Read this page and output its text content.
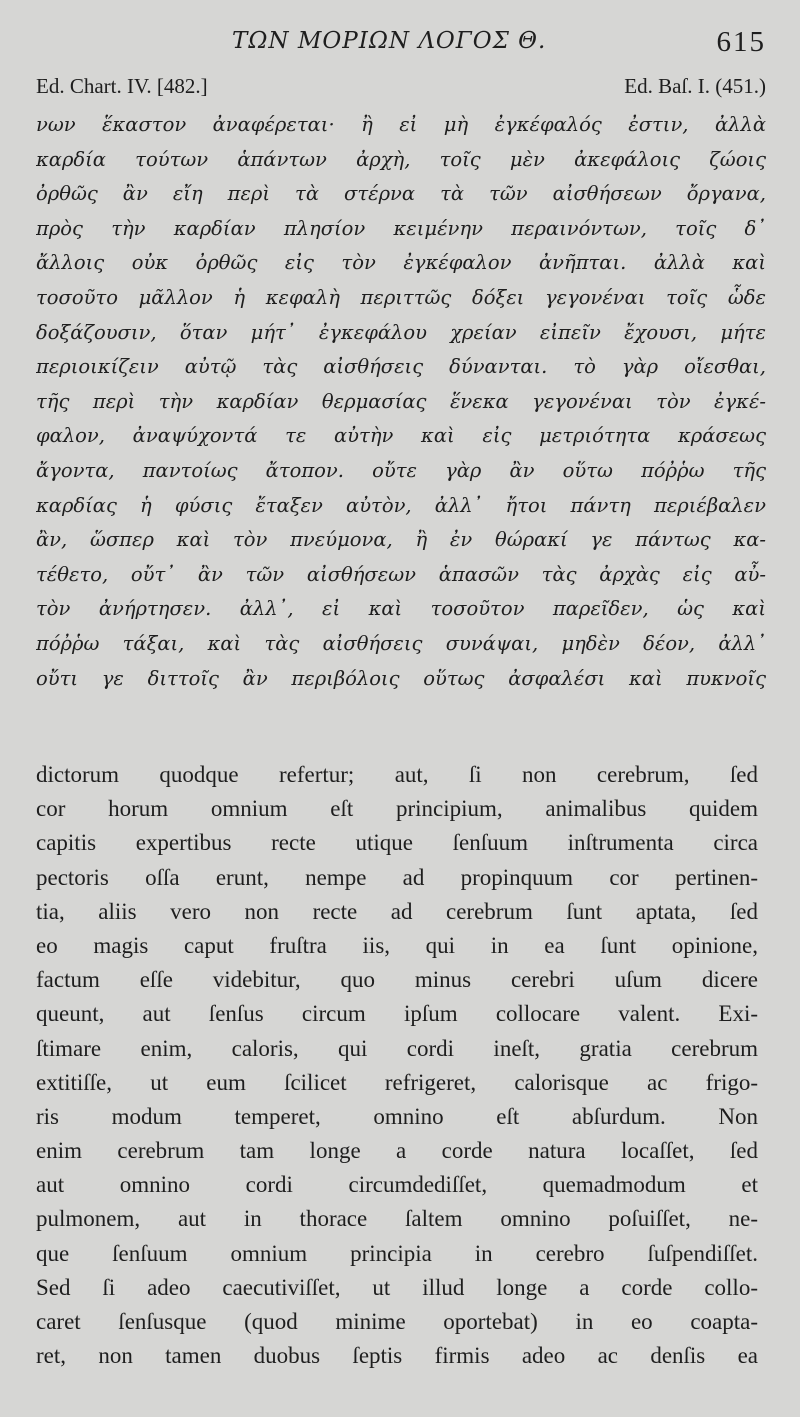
ΤΩΝ ΜΟΡΙΩΝ ΛΟΓΟΣ Θ.	615
Ed. Chart. IV. [482.]	Ed. Baſ. I. (451.)
νων ἕκαστον ἀναφέρεται· ἢ εἰ μὴ ἐγκέφαλός ἐστιν, ἀλλὰ
καρδία τούτων ἁπάντων ἀρχὴ, τοῖς μὲν ἀκεφάλοις ζώοις
ὀρθῶς ἂν εἴη περὶ τὰ στέρνα τὰ τῶν αἰσθήσεων ὄργανα,
πρὸς τὴν καρδίαν πλησίον κειμένην περαινόντων, τοῖς δ᾽
ἄλλοις οὐκ ὀρθῶς εἰς τὸν ἐγκέφαλον ἀνῆπται. ἀλλὰ καὶ
τοσοῦτο μᾶλλον ἡ κεφαλὴ περιττῶς δόξει γεγονέναι τοῖς ὧδε
δοξάζουσιν, ὅταν μήτ᾽ ἐγκεφάλου χρείαν εἰπεῖν ἔχουσι, μήτε
περιοικίζειν αὐτῷ τὰς αἰσθήσεις δύνανται. τὸ γὰρ οἴεσθαι,
τῆς περὶ τὴν καρδίαν θερμασίας ἕνεκα γεγονέναι τὸν ἐγκέ-
φαλον, ἀναψύχοντά τε αὐτὴν καὶ εἰς μετριότητα κράσεως
ἄγοντα, παντοίως ἄτοπον. οὔτε γὰρ ἂν οὕτω πόῤῥω τῆς
καρδίας ἡ φύσις ἔταξεν αὐτὸν, ἀλλ᾽ ἤτοι πάντη περιέβαλεν
ἂν, ὥσπερ καὶ τὸν πνεύμονα, ἢ ἐν θώρακί γε πάντως κα-
τέθετο, οὔτ᾽ ἂν τῶν αἰσθήσεων ἁπασῶν τὰς ἀρχὰς εἰς αὖ-
τὸν ἀνήρτησεν. ἀλλ᾽, εἰ καὶ τοσοῦτον παρεῖδεν, ὡς καὶ
πόῤῥω τάξαι, καὶ τὰς αἰσθήσεις συνάψαι, μηδὲν δέον, ἀλλ᾽
οὔτι γε διττοῖς ἂν περιβόλοις οὕτως ἀσφαλέσι καὶ πυκνοῖς
dictorum quodque refertur; aut, ſi non cerebrum, ſed
cor horum omnium eſt principium, animalibus quidem
capitis expertibus recte utique ſenſuum inſtrumenta circa
pectoris oſſa erunt, nempe ad propinquum cor pertinen-
tia, aliis vero non recte ad cerebrum ſunt aptata, ſed
eo magis caput fruſtra iis, qui in ea ſunt opinione,
factum eſſe videbitur, quo minus cerebri uſum dicere
queunt, aut ſenſus circum ipſum collocare valent. Exi-
ſtimare enim, caloris, qui cordi ineſt, gratia cerebrum
extitiſſe, ut eum ſcilicet refrigeret, calorisque ac frigo-
ris modum temperet, omnino eſt abſurdum. Non
enim cerebrum tam longe a corde natura locaſſet, ſed
aut omnino cordi circumdediſſet, quemadmodum et
pulmonem, aut in thorace ſaltem omnino poſuiſſet, ne-
que ſenſuum omnium principia in cerebro ſuſpendiſſet.
Sed ſi adeo caecutiviſſet, ut illud longe a corde collo-
caret ſenſusque (quod minime oportebat) in eo coapta-
ret, non tamen duobus ſeptis firmis adeo ac denſis ea
